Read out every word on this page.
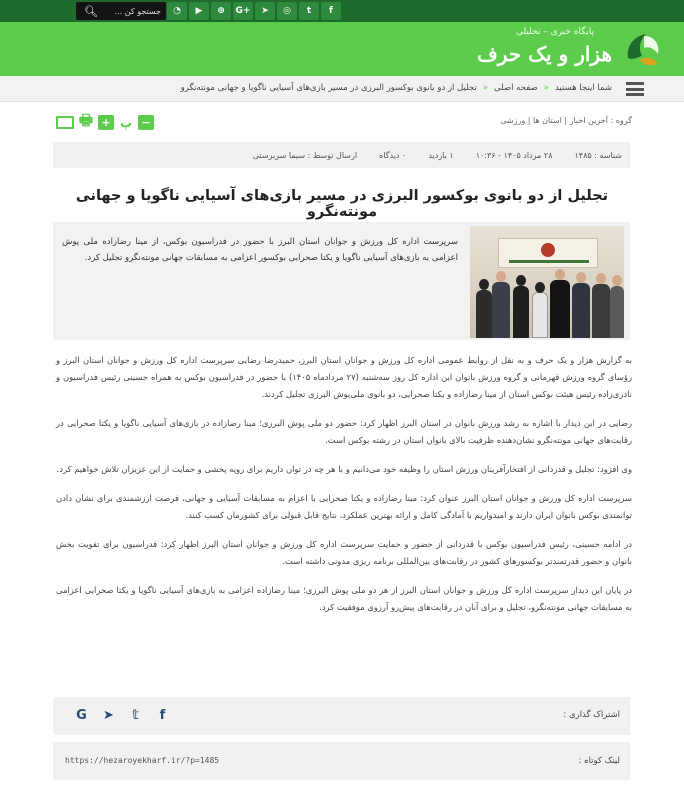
🔍︎ جستجو کن ...	◔	▶	⊕	G+	➤	◎	t	f
پایگاه خبری – تحلیلی
هزار و یک حرف
شما اینجا هستید
«
صفحه اصلی
«
تجلیل از دو بانوی بوکسور البرزی در مسیر بازی‌های آسیایی ناگویا و جهانی مونته‌نگرو
گروه : آخرین اخبار | استان ها | ورزشی
🖶︎ + پ −
شناسه : ۱۴۸۵
۲۸ مرداد ۱۴۰۵ - ۱۰:۳۶
۱ بازدید
۰ دیدگاه
ارسال توسط : سیما سربرستی
تجلیل از دو بانوی بوکسور البرزی در مسیر بازی‌های آسیایی ناگویا و جهانی مونته‌نگرو

سرپرست اداره کل ورزش و جوانان استان البرز با حضور در فدراسیون بوکس، از مینا رضازاده ملی پوش اعزامی به بازی‌های آسیایی ناگویا و یکتا صحرایی بوکسور اعزامی به مسابقات جهانی مونته‌نگرو تجلیل کرد.

به گزارش هزار و یک حرف و به نقل از روابط عمومی اداره کل ورزش و جوانان استان البرز، حمیدرضا رضایی سرپرست اداره کل ورزش و جوانان استان البرز و رؤسای گروه ورزش قهرمانی و گروه ورزش بانوان این اداره کل روز سه‌شنبه (۲۷ مردادماه ۱۴۰۵) با حضور در فدراسیون بوکس به همراه حسینی رئیس فدراسیون و نادری‌زاده رئیس هیئت بوکس استان از مینا رضازاده و یکتا صحرایی، دو بانوی ملی‌پوش البرزی تجلیل کردند.

رضایی در این دیدار با اشاره به رشد ورزش بانوان در استان البرز اظهار کرد: حضور دو ملی پوش البرزی؛ مینا رضازاده در بازی‌های آسیایی ناگویا و یکتا صحرایی در رقابت‌های جهانی مونته‌نگرو نشان‌دهنده ظرفیت بالای بانوان استان در رشته بوکس است.

وی افزود: تجلیل و قدردانی از افتخارآفرینان ورزش استان را وظیفه خود می‌دانیم و با هر چه در توان داریم برای رویه پخشی و حمایت از این عزیزان تلاش خواهیم کرد.

سرپرست اداره کل ورزش و جوانان استان البرز عنوان کرد: مینا رضازاده و یکتا صحرایی با اعزام به مسابقات آسیایی و جهانی، فرصت ارزشمندی برای نشان دادن توانمندی بوکس بانوان ایران دارند و امیدواریم با آمادگی کامل و ارائه بهترین عملکرد، نتایج قابل قبولی برای کشورمان کسب کنند.

در ادامه حسینی، رئیس فدراسیون بوکس با قدردانی از حضور و حمایت سرپرست اداره کل ورزش و جوانان استان البرز اظهار کرد: فدراسیون برای تقویت بخش بانوان و حضور قدرتمندتر بوکسورهای کشور در رقابت‌های بین‌المللی برنامه ریزی مدونی داشته است.

در پایان این دیدار سرپرست اداره کل ورزش و جوانان استان البرز از هر دو ملی پوش البرزی؛ مینا رضازاده اعزامی به بازی‌های آسیایی ناگویا و یکتا صحرایی اعزامی به مسابقات جهانی مونته‌نگرو، تجلیل و برای آنان در رقابت‌های پیش‌رو آرزوی موفقیت کرد.

اشتراک گذاری :
G ➤	𝕥	f
لینک کوتاه :
https://hezaroyekharf.ir/?p=1485
